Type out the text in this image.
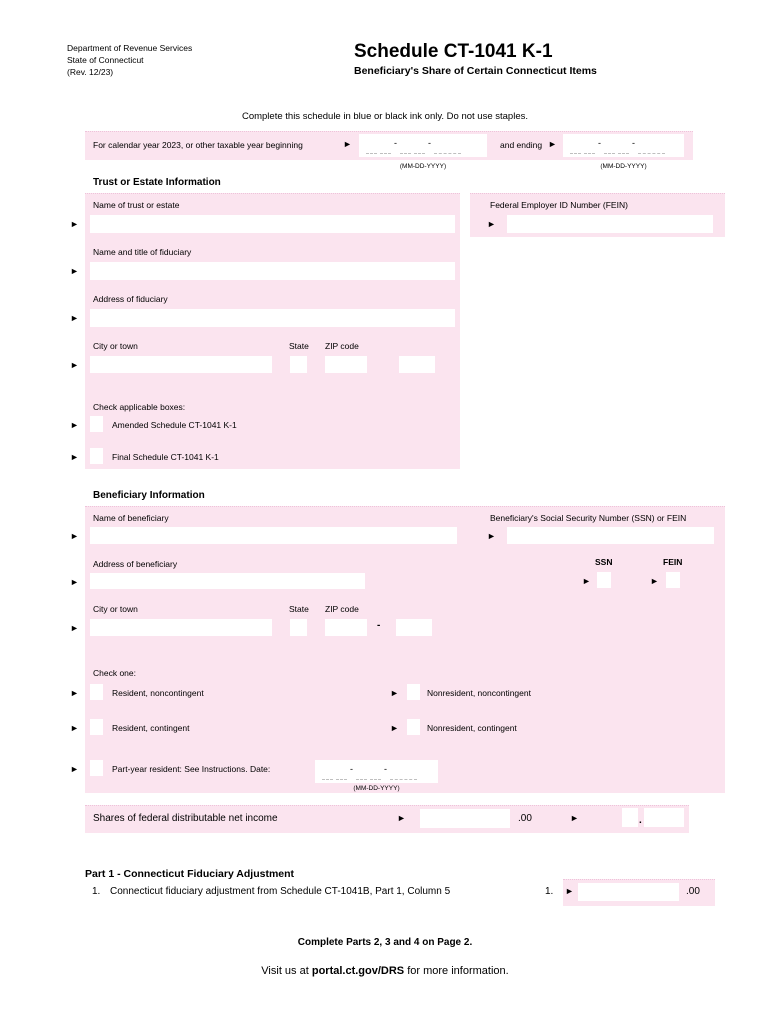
Department of Revenue Services
State of Connecticut
(Rev. 12/23)
Schedule CT-1041 K-1
Beneficiary's Share of Certain Connecticut Items
Complete this schedule in blue or black ink only. Do not use staples.
For calendar year 2023, or other taxable year beginning	►	-	-	and ending ►	-	-
(MM-DD-YYYY)	(MM-DD-YYYY)
Trust or Estate Information
Name of trust or estate
►
Federal Employer ID Number (FEIN)
►
Name and title of fiduciary
►
Address of fiduciary
►
City or town	State ZIP code
►
Check applicable boxes:
►	Amended Schedule CT-1041 K-1
►	Final Schedule CT-1041 K-1
Beneficiary Information
Name of beneficiary
►
Beneficiary's Social Security Number (SSN) or FEIN
►
Address of beneficiary
►
SSN	FEIN
►	►
City or town	State ZIP code
►	-
Check one:
►	Resident, noncontingent	►	Nonresident, noncontingent
►	Resident, contingent	►	Nonresident, contingent
►	Part-year resident: See Instructions. Date:	-	-
(MM-DD-YYYY)
Shares of federal distributable net income	►	.00	►	.
Part 1 - Connecticut Fiduciary Adjustment
1. Connecticut fiduciary adjustment from Schedule CT-1041B, Part 1, Column 5	1. ►	.00
Complete Parts 2, 3 and 4 on Page 2.
Visit us at portal.ct.gov/DRS for more information.
